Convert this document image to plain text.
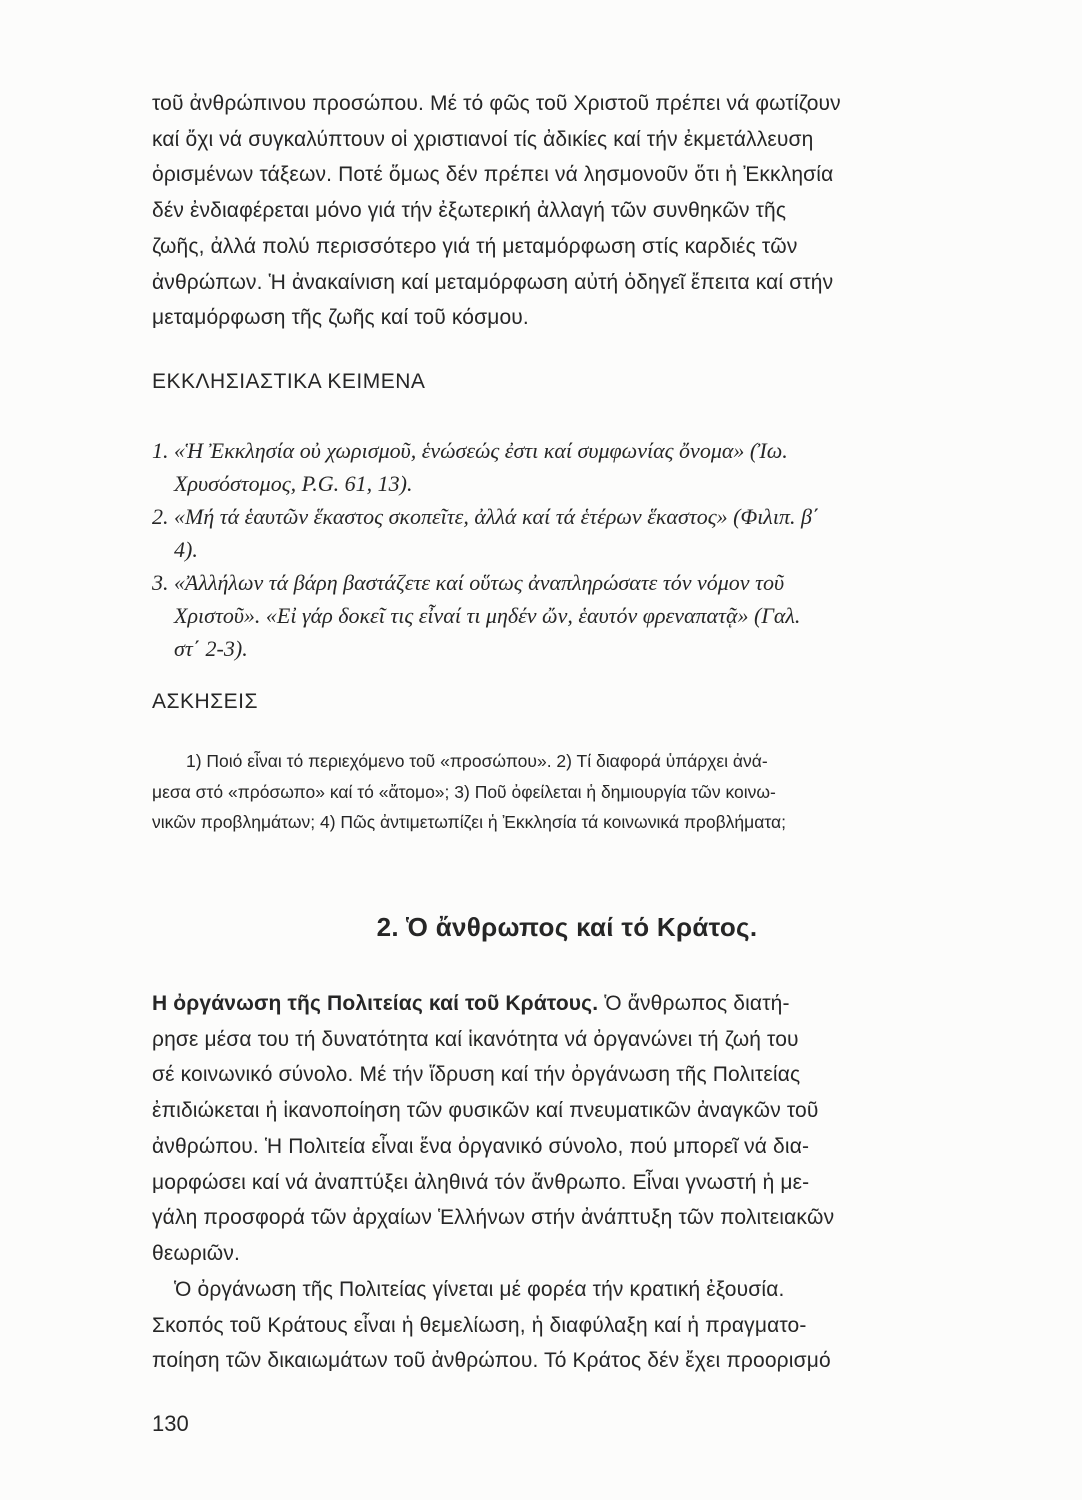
τοῦ ἀνθρώπινου προσώπου. Μέ τό φῶς τοῦ Χριστοῦ πρέπει νά φωτίζουν
καί ὄχι νά συγκαλύπτουν οἱ χριστιανοί τίς ἀδικίες καί τήν ἐκμετάλλευση
ὁρισμένων τάξεων. Ποτέ ὅμως δέν πρέπει νά λησμονοῦν ὅτι ἡ Ἐκκλησία
δέν ἐνδιαφέρεται μόνο γιά τήν ἐξωτερική ἀλλαγή τῶν συνθηκῶν τῆς
ζωῆς, ἀλλά πολύ περισσότερο γιά τή μεταμόρφωση στίς καρδιές τῶν
ἀνθρώπων. Ἡ ἀνακαίνιση καί μεταμόρφωση αὐτή ὁδηγεῖ ἔπειτα καί στήν
μεταμόρφωση τῆς ζωῆς καί τοῦ κόσμου.

ΕΚΚΛΗΣΙΑΣΤΙΚΑ ΚΕΙΜΕΝΑ

1. «Ἡ Ἐκκλησία οὐ χωρισμοῦ, ἑνώσεώς ἐστι καί συμφωνίας ὄνομα» (Ἰω.
Χρυσόστομος, P.G. 61, 13).
2. «Μή τά ἑαυτῶν ἕκαστος σκοπεῖτε, ἀλλά καί τά ἑτέρων ἕκαστος» (Φιλιπ. β΄
4).
3. «Ἀλλήλων τά βάρη βαστάζετε καί οὕτως ἀναπληρώσατε τόν νόμον τοῦ
Χριστοῦ». «Εἰ γάρ δοκεῖ τις εἶναί τι μηδέν ὤν, ἑαυτόν φρεναπατᾷ» (Γαλ.
στ΄ 2-3).

ΑΣΚΗΣΕΙΣ

1) Ποιό εἶναι τό περιεχόμενο τοῦ «προσώπου». 2) Τί διαφορά ὑπάρχει ἀνά-
μεσα στό «πρόσωπο» καί τό «ἄτομο»; 3) Ποῦ ὀφείλεται ἡ δημιουργία τῶν κοινω-
νικῶν προβλημάτων; 4) Πῶς ἀντιμετωπίζει ἡ Ἐκκλησία τά κοινωνικά προβλήματα;
2. Ὁ ἄνθρωπος καί τό Κράτος.
Η ὀργάνωση τῆς Πολιτείας καί τοῦ Κράτους. Ὁ ἄνθρωπος διατή-
ρησε μέσα του τή δυνατότητα καί ἱκανότητα νά ὀργανώνει τή ζωή του
σέ κοινωνικό σύνολο. Μέ τήν ἵδρυση καί τήν ὀργάνωση τῆς Πολιτείας
ἐπιδιώκεται ἡ ἱκανοποίηση τῶν φυσικῶν καί πνευματικῶν ἀναγκῶν τοῦ
ἀνθρώπου. Ἡ Πολιτεία εἶναι ἕνα ὀργανικό σύνολο, πού μπορεῖ νά δια-
μορφώσει καί νά ἀναπτύξει ἀληθινά τόν ἄνθρωπο. Εἶναι γνωστή ἡ με-
γάλη προσφορά τῶν ἀρχαίων Ἑλλήνων στήν ἀνάπτυξη τῶν πολιτειακῶν
θεωριῶν.
Ὁ ὀργάνωση τῆς Πολιτείας γίνεται μέ φορέα τήν κρατική ἐξουσία.
Σκοπός τοῦ Κράτους εἶναι ἡ θεμελίωση, ἡ διαφύλαξη καί ἡ πραγματο-
ποίηση τῶν δικαιωμάτων τοῦ ἀνθρώπου. Τό Κράτος δέν ἔχει προορισμό

130
